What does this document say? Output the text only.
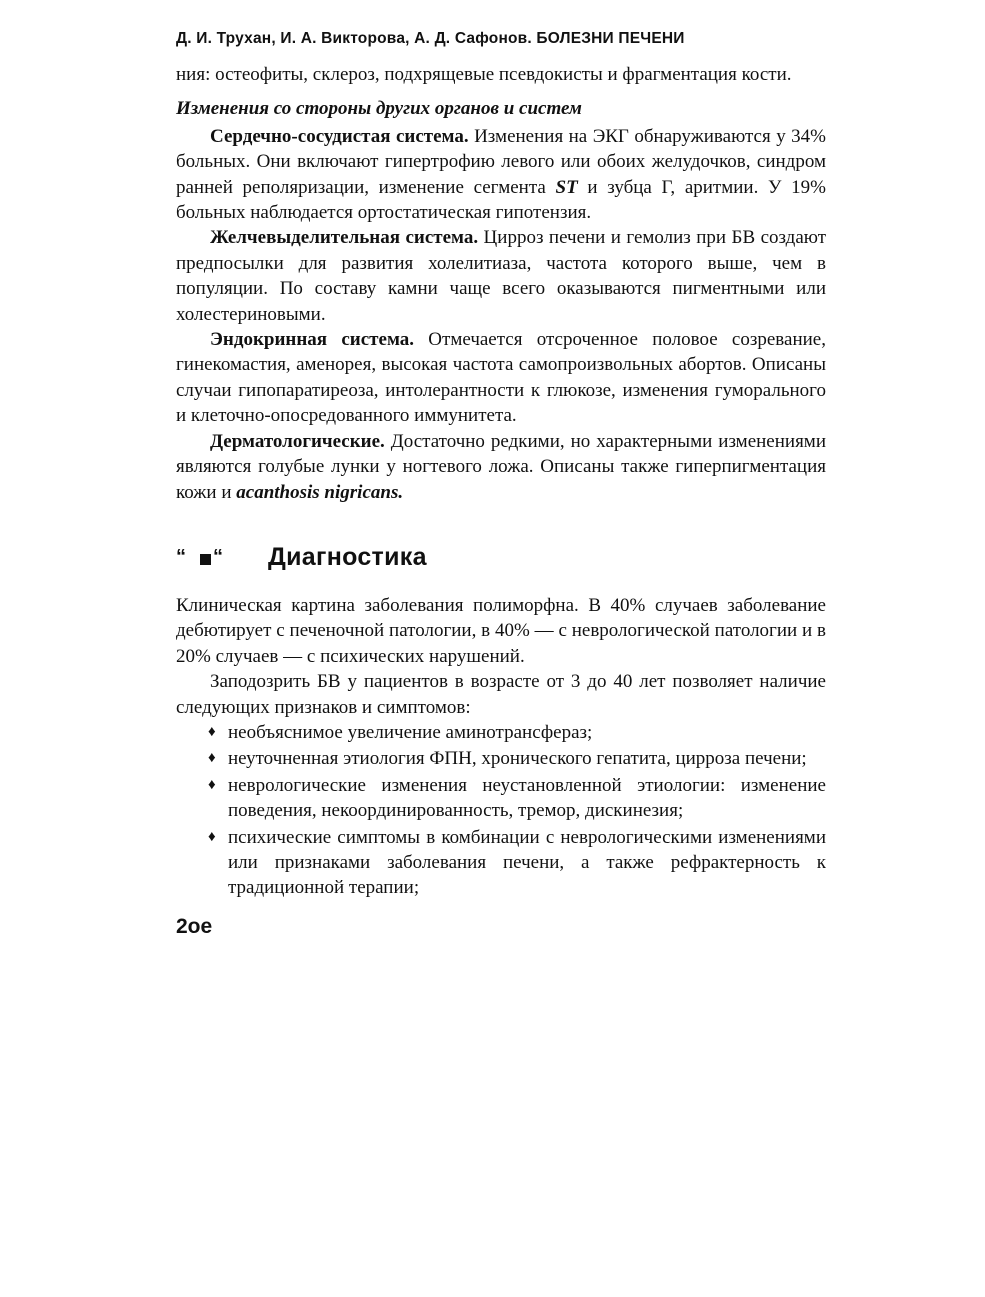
Д. И. Трухан, И. А. Викторова, А. Д. Сафонов. БОЛЕЗНИ ПЕЧЕНИ

ния: остеофиты, склероз, подхрящевые псевдокисты и фрагментация кости.

Изменения со стороны других органов и систем

Сердечно-сосудистая система. Изменения на ЭКГ обнаруживаются у 34% больных. Они включают гипертрофию левого или обоих желудочков, синдром ранней реполяризации, изменение сегмента ST и зубца Г, аритмии. У 19% больных наблюдается ортостатическая гипотензия.

Желчевыделительная система. Цирроз печени и гемолиз при БВ создают предпосылки для развития холелитиаза, частота которого выше, чем в популяции. По составу камни чаще всего оказываются пигментными или холестериновыми.

Эндокринная система. Отмечается отсроченное половое созревание, гинекомастия, аменорея, высокая частота самопроизвольных абортов. Описаны случаи гипопаратиреоза, интолерантности к глюкозе, изменения гуморального и клеточно-опосредованного иммунитета.

Дерматологические. Достаточно редкими, но характерными изменениями являются голубые лунки у ногтевого ложа. Описаны также гиперпигментация кожи и acanthosis nigricans.

“ “ Диагностика

Клиническая картина заболевания полиморфна. В 40% случаев заболевание дебютирует с печеночной патологии, в 40% — с неврологической патологии и в 20% случаев — с психических нарушений.

Заподозрить БВ у пациентов в возрасте от 3 до 40 лет позволяет наличие следующих признаков и симптомов:

♦ необъяснимое увеличение аминотрансфераз;
♦ неуточненная этиология ФПН, хронического гепатита, цирроза печени;
♦ неврологические изменения неустановленной этиологии: изменение поведения, некоординированность, тремор, дискинезия;
♦ психические симптомы в комбинации с неврологическими изменениями или признаками заболевания печени, а также рефрактерность к традиционной терапии;
2oe
